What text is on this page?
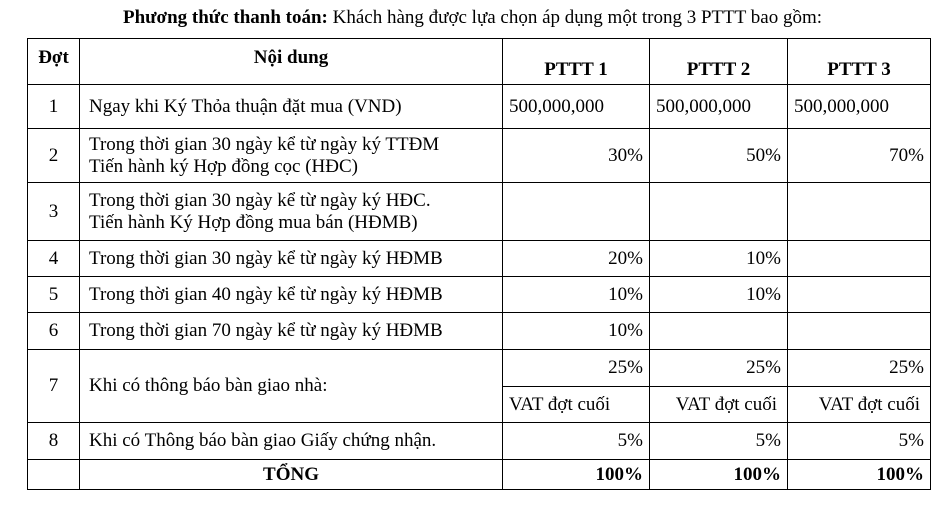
Phương thức thanh toán: Khách hàng được lựa chọn áp dụng một trong 3 PTTT bao gồm:
Đợt	Nội dung	PTTT 1	PTTT 2	PTTT 3
1	Ngay khi Ký Thỏa thuận đặt mua (VND)	500,000,000	500,000,000	500,000,000
2	Trong thời gian 30 ngày kể từ ngày ký TTĐM
Tiến hành ký Hợp đồng cọc (HĐC)	30%	50%	70%
3	Trong thời gian 30 ngày kể từ ngày ký HĐC.
Tiến hành Ký Hợp đồng mua bán (HĐMB)			

4	Trong thời gian 30 ngày kể từ ngày ký HĐMB	20%	10%	
5	Trong thời gian 40 ngày kể từ ngày ký HĐMB	10%	10%	
6	Trong thời gian 70 ngày kể từ ngày ký HĐMB	10%		
7	Khi có thông báo bàn giao nhà:	25%	25%	25%
		VAT đợt cuối	VAT đợt cuối	VAT đợt cuối
8	Khi có Thông báo bàn giao Giấy chứng nhận.	5%	5%	5%
	TỔNG	100%	100%	100%
